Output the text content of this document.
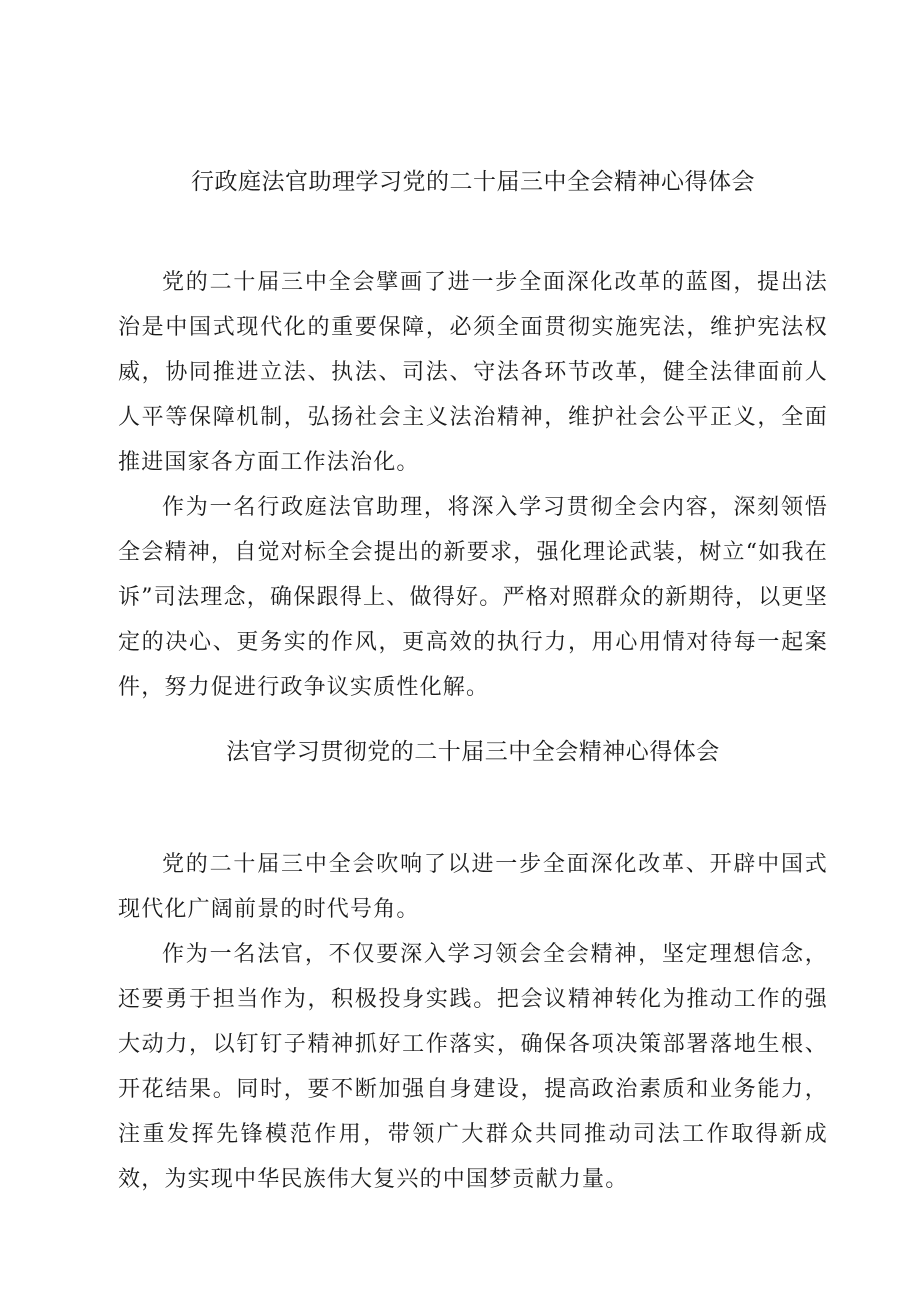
行政庭法官助理学习党的二十届三中全会精神心得体会

党的二十届三中全会擘画了进一步全面深化改革的蓝图，提出法治是中国式现代化的重要保障，必须全面贯彻实施宪法，维护宪法权威，协同推进立法、执法、司法、守法各环节改革，健全法律面前人人平等保障机制，弘扬社会主义法治精神，维护社会公平正义，全面推进国家各方面工作法治化。

作为一名行政庭法官助理，将深入学习贯彻全会内容，深刻领悟全会精神，自觉对标全会提出的新要求，强化理论武装，树立“如我在诉”司法理念，确保跟得上、做得好。严格对照群众的新期待，以更坚定的决心、更务实的作风，更高效的执行力，用心用情对待每一起案件，努力促进行政争议实质性化解。

法官学习贯彻党的二十届三中全会精神心得体会

党的二十届三中全会吹响了以进一步全面深化改革、开辟中国式现代化广阔前景的时代号角。

作为一名法官，不仅要深入学习领会全会精神，坚定理想信念，还要勇于担当作为，积极投身实践。把会议精神转化为推动工作的强大动力，以钉钉子精神抓好工作落实，确保各项决策部署落地生根、开花结果。同时，要不断加强自身建设，提高政治素质和业务能力，注重发挥先锋模范作用，带领广大群众共同推动司法工作取得新成效，为实现中华民族伟大复兴的中国梦贡献力量。
